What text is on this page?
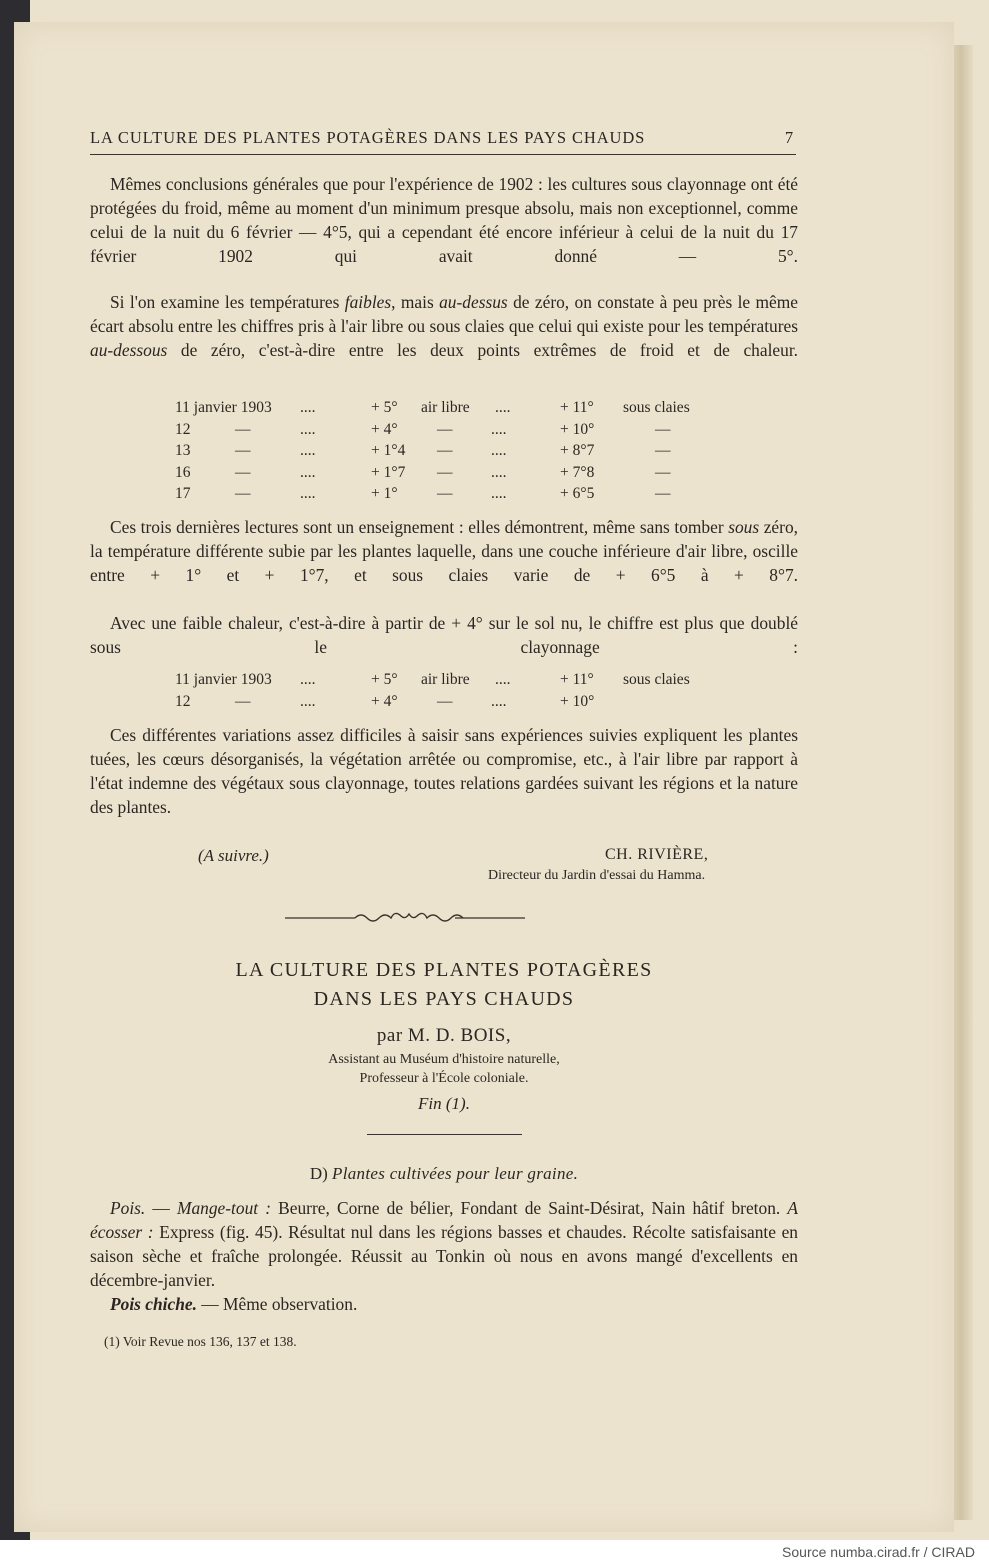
LA CULTURE DES PLANTES POTAGÈRES DANS LES PAYS CHAUDS	7
Mêmes conclusions générales que pour l'expérience de 1902 : les cultures sous clayonnage ont été protégées du froid, même au moment d'un minimum presque absolu, mais non exceptionnel, comme celui de la nuit du 6 février — 4°5, qui a cependant été encore inférieur à celui de la nuit du 17 février 1902 qui avait donné — 5°.
Si l'on examine les températures faibles, mais au-dessus de zéro, on constate à peu près le même écart absolu entre les chiffres pris à l'air libre ou sous claies que celui qui existe pour les températures au-dessous de zéro, c'est-à-dire entre les deux points extrêmes de froid et de chaleur.
11 janvier 1903 ....	+ 5° air libre ....	+ 11° sous claies
12	—	....	+ 4°	— ....	+ 10°	—
13	—	....	+ 1°4 — ....	+ 8°7	—
16	—	....	+ 1°7 — ....	+ 7°8	—
17	—	....	+ 1°	— ....	+ 6°5	—
Ces trois dernières lectures sont un enseignement : elles démontrent, même sans tomber sous zéro, la température différente subie par les plantes laquelle, dans une couche inférieure d'air libre, oscille entre + 1° et + 1°7, et sous claies varie de + 6°5 à + 8°7.
Avec une faible chaleur, c'est-à-dire à partir de + 4° sur le sol nu, le chiffre est plus que doublé sous le clayonnage :
11 janvier 1903 ....	+ 5° air libre ....	+ 11° sous claies
12	—	....	+ 4°	— ....	+ 10°
Ces différentes variations assez difficiles à saisir sans expériences suivies expliquent les plantes tuées, les cœurs désorganisés, la végétation arrêtée ou compromise, etc., à l'air libre par rapport à l'état indemne des végétaux sous clayonnage, toutes relations gardées suivant les régions et la nature des plantes.
(A suivre.)	CH. RIVIÈRE,
Directeur du Jardin d'essai du Hamma.
LA CULTURE DES PLANTES POTAGÈRES
DANS LES PAYS CHAUDS
par M. D. BOIS,
Assistant au Muséum d'histoire naturelle,
Professeur à l'École coloniale.
Fin (1).
D) Plantes cultivées pour leur graine.
Pois. — Mange-tout : Beurre, Corne de bélier, Fondant de Saint-Désirat, Nain hâtif breton. A écosser : Express (fig. 45). Résultat nul dans les régions basses et chaudes. Récolte satisfaisante en saison sèche et fraîche prolongée. Réussit au Tonkin où nous en avons mangé d'excellents en décembre-janvier.
Pois chiche. — Même observation.
(1) Voir Revue nos 136, 137 et 138.
Source numba.cirad.fr / CIRAD
